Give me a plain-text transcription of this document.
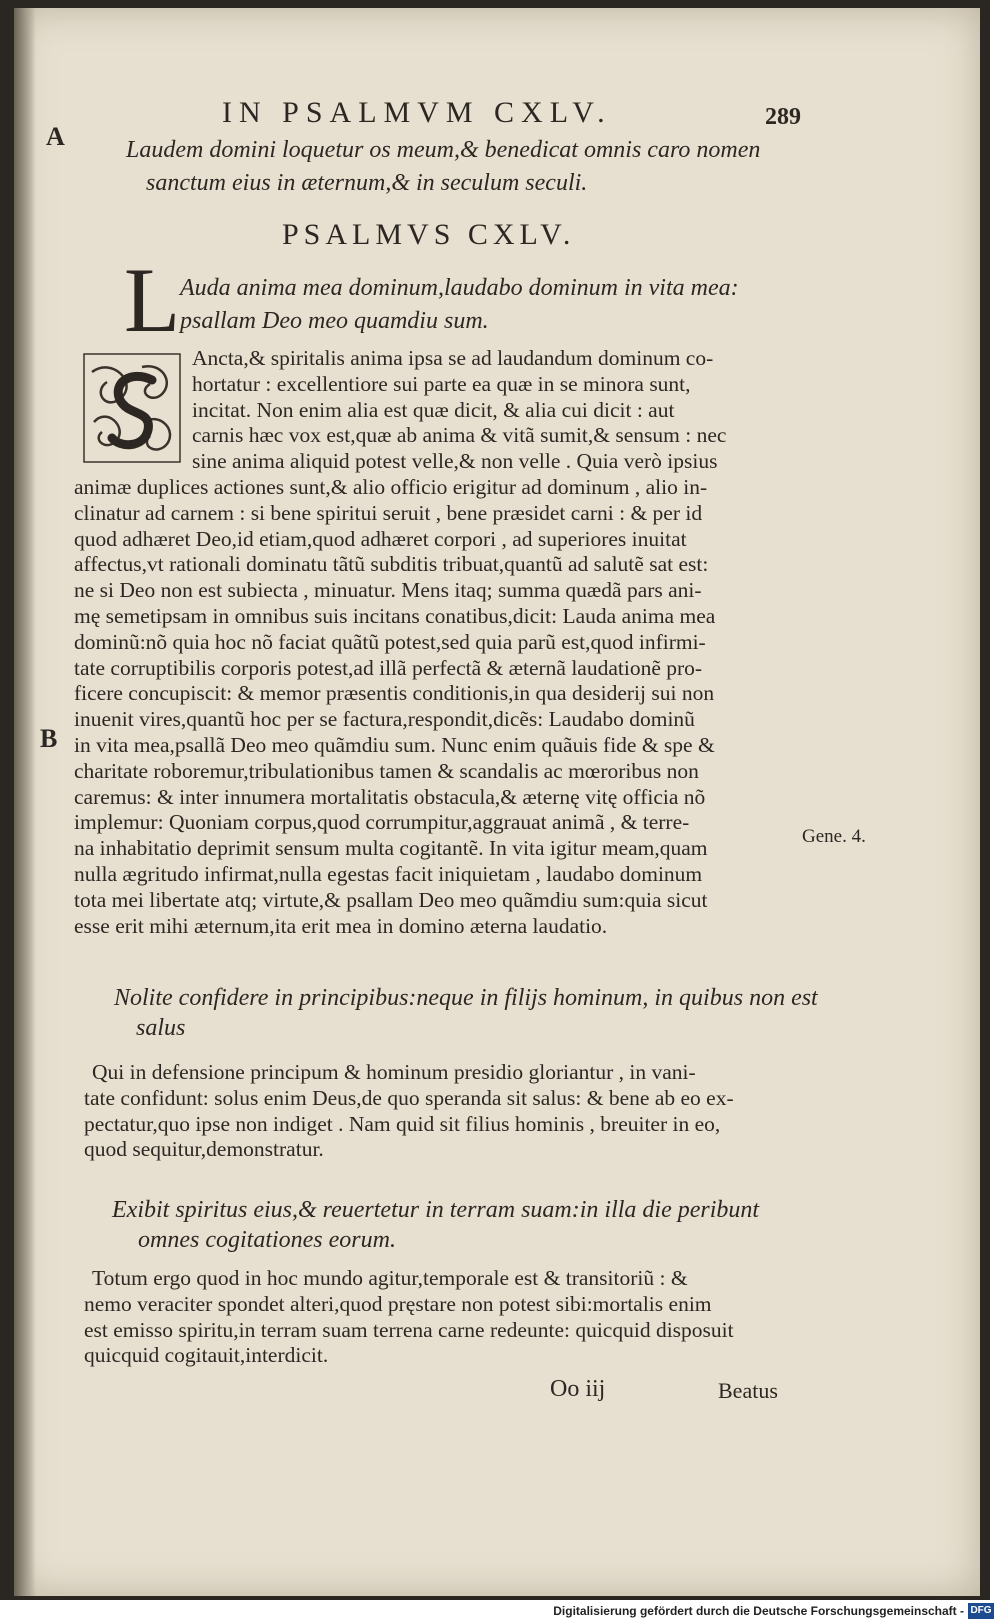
IN PSALMVM CXLV.	289
A	Laudem domini loquetur os meum,& benedicat omnis caro nomen
sanctum eius in æternum,& in seculum seculi.
PSALMVS CXLV.
L Auda anima mea dominum,laudabo dominum in vita mea:
psallam Deo meo quamdiu sum.
Ancta,& spiritalis anima ipsa se ad laudandum dominum co-
hortatur : excellentiore sui parte ea quæ in se minora sunt,
incitat. Non enim alia est quæ dicit, & alia cui dicit : aut
carnis hæc vox est,quæ ab anima & vitã sumit,& sensum : nec
sine anima aliquid potest velle,& non velle . Quia verò ipsius
animæ duplices actiones sunt,& alio officio erigitur ad dominum , alio in-
clinatur ad carnem : si bene spiritui seruit , bene præsidet carni : & per id
quod adhæret Deo,id etiam,quod adhæret corpori , ad superiores inuitat
affectus,vt rationali dominatu tãtũ subditis tribuat,quantũ ad salutẽ sat est:
ne si Deo non est subiecta , minuatur. Mens itaq; summa quædã pars ani-
mę semetipsam in omnibus suis incitans conatibus,dicit: Lauda anima mea
dominũ:nõ quia hoc nõ faciat quãtũ potest,sed quia parũ est,quod infirmi-
tate corruptibilis corporis potest,ad illã perfectã & æternã laudationẽ pro-
ficere concupiscit: & memor præsentis conditionis,in qua desiderij sui non
inuenit vires,quantũ hoc per se factura,respondit,dicẽs: Laudabo dominũ
in vita mea,psallã Deo meo quãmdiu sum. Nunc enim quãuis fide & spe &
charitate roboremur,tribulationibus tamen & scandalis ac mœroribus non
caremus: & inter innumera mortalitatis obstacula,& æternę vitę officia nõ
implemur: Quoniam corpus,quod corrumpitur,aggrauat animã , & terre-
na inhabitatio deprimit sensum multa cogitantẽ. In vita igitur meam,quam
nulla ægritudo infirmat,nulla egestas facit iniquietam , laudabo dominum
tota mei libertate atq; virtute,& psallam Deo meo quãmdiu sum:quia sicut
esse erit mihi æternum,ita erit mea in domino æterna laudatio.
B
Gene. 4.
Nolite confidere in principibus:neque in filijs hominum, in quibus non est
salus
Qui in defensione principum & hominum presidio gloriantur , in vani-
tate confidunt: solus enim Deus,de quo speranda sit salus: & bene ab eo ex-
pectatur,quo ipse non indiget . Nam quid sit filius hominis , breuiter in eo,
quod sequitur,demonstratur.
Exibit spiritus eius,& reuertetur in terram suam:in illa die peribunt
omnes cogitationes eorum.
Totum ergo quod in hoc mundo agitur,temporale est & transitoriũ : &
nemo veraciter spondet alteri,quod pręstare non potest sibi:mortalis enim
est emisso spiritu,in terram suam terrena carne redeunte: quicquid disposuit
quicquid cogitauit,interdicit.
Oo iij	Beatus
Digitalisierung gefördert durch die Deutsche Forschungsgemeinschaft - DFG
